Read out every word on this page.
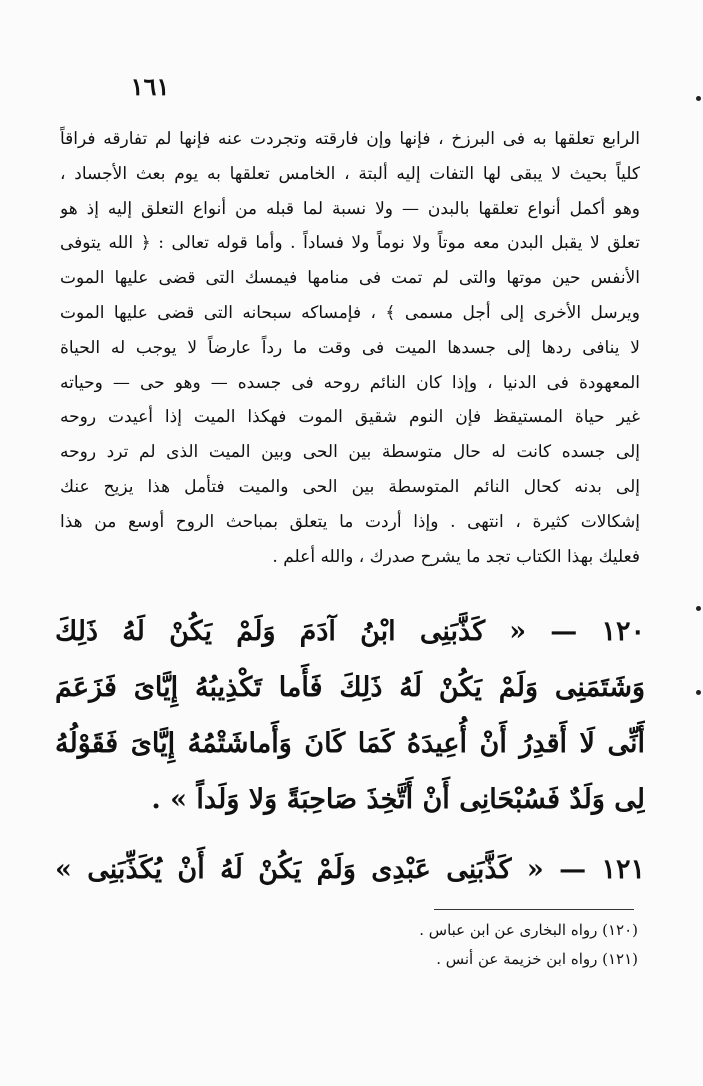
١٦١
الرابع تعلقها به فى البرزخ ، فإنها وإن فارقته وتجردت عنه فإنها لم تفارقه فراقاً
كلياً بحيث لا يبقى لها التفات إليه ألبتة ، الخامس تعلقها به يوم بعث الأجساد ،
وهو أكمل أنواع تعلقها بالبدن — ولا نسبة لما قبله من أنواع التعلق إليه إذ هو
تعلق لا يقبل البدن معه موتاً ولا نوماً ولا فساداً . وأما قوله تعالى : ﴿ الله يتوفى
الأنفس حين موتها والتى لم تمت فى منامها فيمسك التى قضى عليها الموت
ويرسل الأخرى إلى أجل مسمى ﴾ ، فإمساكه سبحانه التى قضى عليها الموت
لا ينافى ردها إلى جسدها الميت فى وقت ما رداً عارضاً لا يوجب له الحياة
المعهودة فى الدنيا ، وإذا كان النائم روحه فى جسده — وهو حى — وحياته
غير حياة المستيقظ فإن النوم شقيق الموت فهكذا الميت إذا أعيدت روحه
إلى جسده كانت له حال متوسطة بين الحى وبين الميت الذى لم ترد روحه
إلى بدنه كحال النائم المتوسطة بين الحى والميت فتأمل هذا يزيح عنك
إشكالات كثيرة ، انتهى . وإذا أردت ما يتعلق بمباحث الروح أوسع من هذا
فعليك بهذا الكتاب تجد ما يشرح صدرك ، والله أعلم .
١٢٠ — « كَذَّبَنِى ابْنُ آدَمَ وَلَمْ يَكُنْ لَهُ ذَلِكَ
وَشَتَمَنِى وَلَمْ يَكُنْ لَهُ ذَلِكَ فَأَما تَكْذِيبُهُ إِيَّاىَ فَزَعَمَ
أَنِّى لَا أَقدِرُ أَنْ أُعِيدَهُ كَمَا كَانَ وَأَماشَتْمُهُ إِيَّاىَ فَقَوْلُهُ
لِى وَلَدٌ فَسُبْحَانِى أَنْ أَتَّخِذَ صَاحِبَةً وَلا وَلَداً » .
١٢١ — « كَذَّبَنِى عَبْدِى وَلَمْ يَكُنْ لَهُ أَنْ يُكَذِّبَنِى »
(١٢٠) رواه البخارى عن ابن عباس .
(١٢١) رواه ابن خزيمة عن أنس .
